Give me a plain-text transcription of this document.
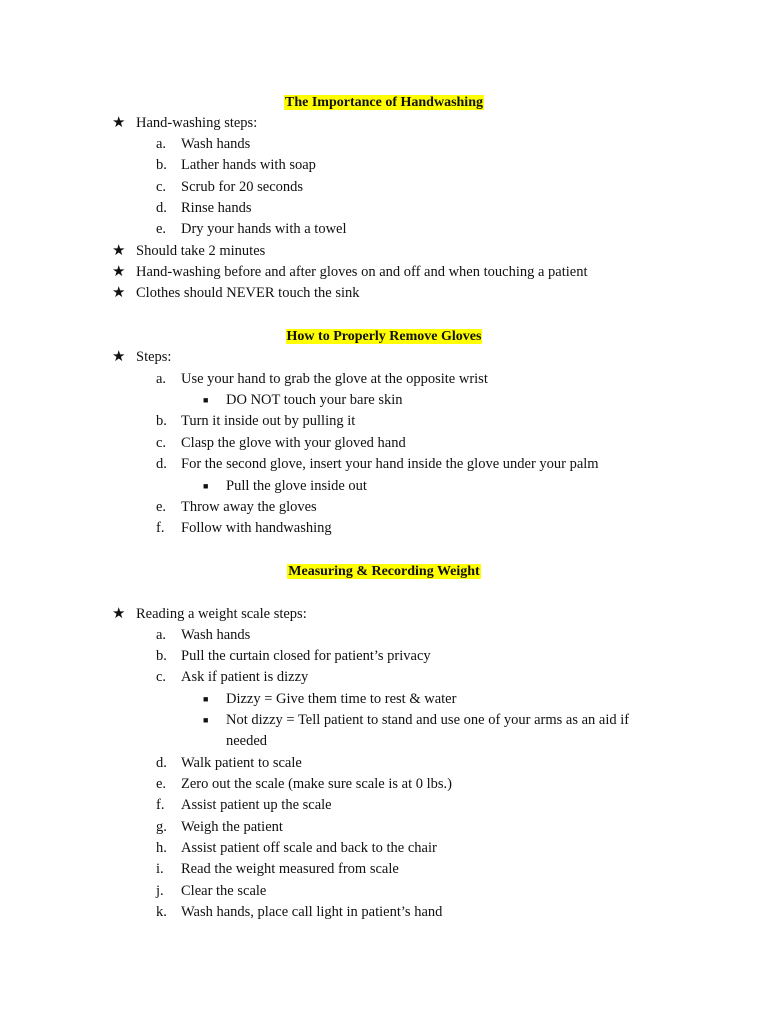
The Importance of Handwashing
★ Hand-washing steps:
a.	Wash hands
b. Lather hands with soap
c.	Scrub for 20 seconds
d. Rinse hands
e.	Dry your hands with a towel
★ Should take 2 minutes
★ Hand-washing before and after gloves on and off and when touching a patient
★ Clothes should NEVER touch the sink
How to Properly Remove Gloves
★ Steps:
a.	Use your hand to grab the glove at the opposite wrist
■ DO NOT touch your bare skin
b. Turn it inside out by pulling it
c.	Clasp the glove with your gloved hand
d. For the second glove, insert your hand inside the glove under your palm
■ Pull the glove inside out
e.	Throw away the gloves
f.	Follow with handwashing
Measuring & Recording Weight
★ Reading a weight scale steps:
a.	Wash hands
b. Pull the curtain closed for patient’s privacy
c.	Ask if patient is dizzy
■ Dizzy = Give them time to rest & water
■ Not dizzy = Tell patient to stand and use one of your arms as an aid if
needed
d. Walk patient to scale
e.	Zero out the scale (make sure scale is at 0 lbs.)
f.	Assist patient up the scale
g. Weigh the patient
h. Assist patient off scale and back to the chair
i.	Read the weight measured from scale
j.	Clear the scale
k. Wash hands, place call light in patient’s hand
